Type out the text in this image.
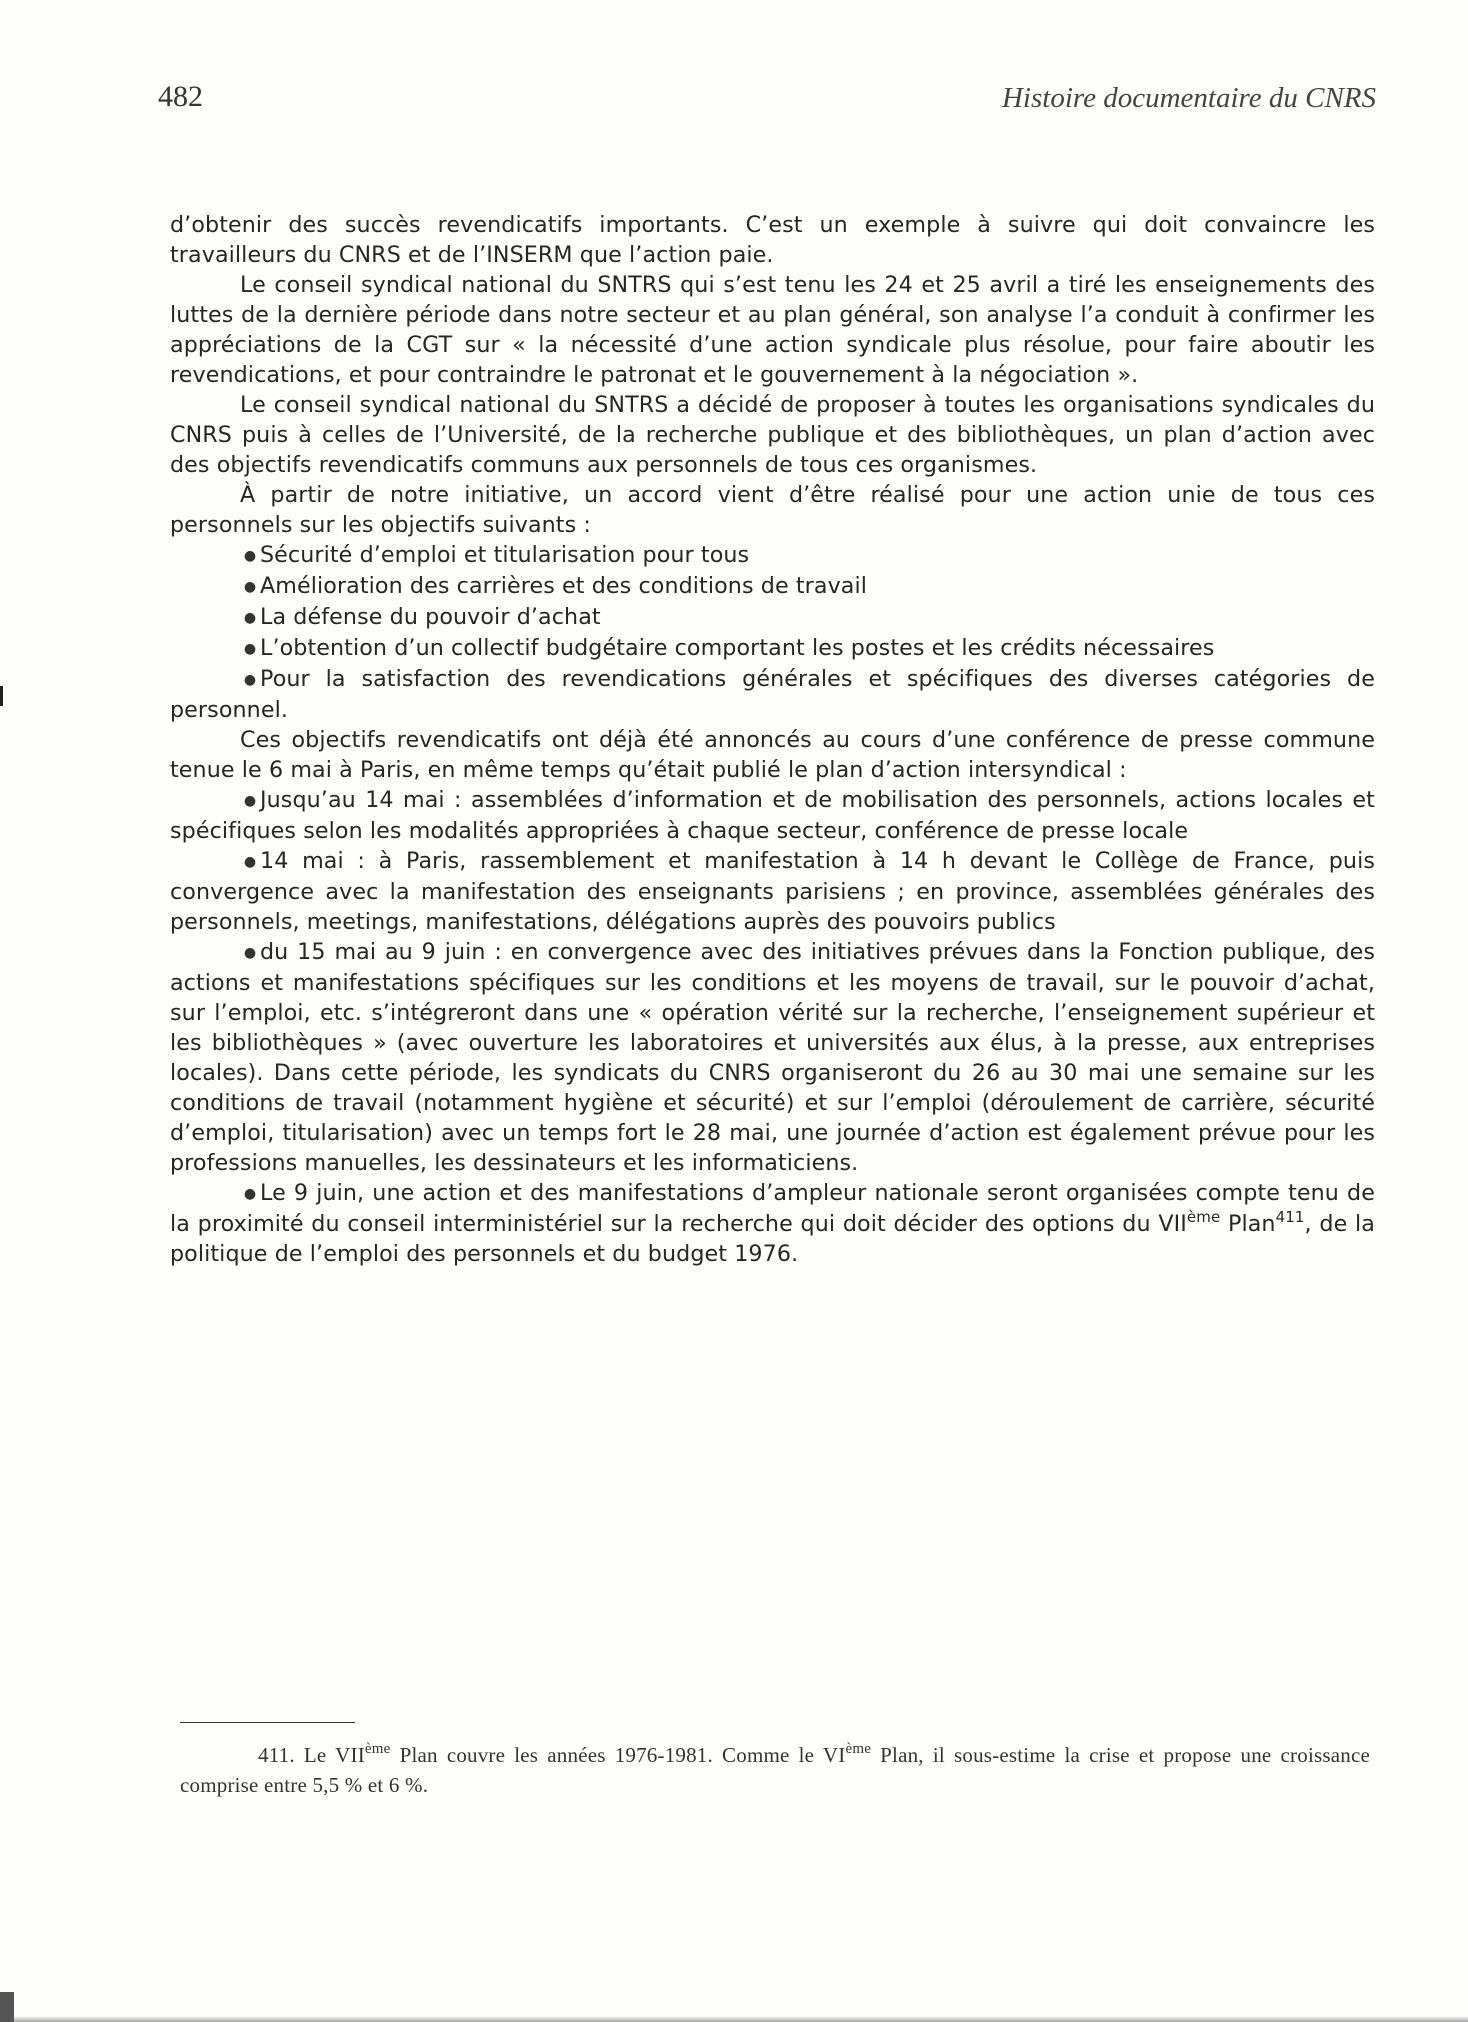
482	Histoire documentaire du CNRS

d’obtenir des succès revendicatifs importants. C’est un exemple à suivre qui doit convaincre les travailleurs du CNRS et de l’INSERM que l’action paie.

Le conseil syndical national du SNTRS qui s’est tenu les 24 et 25 avril a tiré les enseignements des luttes de la dernière période dans notre secteur et au plan général, son analyse l’a conduit à confirmer les appréciations de la CGT sur « la nécessité d’une action syndicale plus résolue, pour faire aboutir les revendications, et pour contraindre le patronat et le gouvernement à la négociation ».

Le conseil syndical national du SNTRS a décidé de proposer à toutes les organisations syndicales du CNRS puis à celles de l’Université, de la recherche publique et des bibliothèques, un plan d’action avec des objectifs revendicatifs communs aux personnels de tous ces organismes.

À partir de notre initiative, un accord vient d’être réalisé pour une action unie de tous ces personnels sur les objectifs suivants :

● Sécurité d’emploi et titularisation pour tous

● Amélioration des carrières et des conditions de travail

● La défense du pouvoir d’achat

● L’obtention d’un collectif budgétaire comportant les postes et les crédits nécessaires

● Pour la satisfaction des revendications générales et spécifiques des diverses catégories de personnel.

Ces objectifs revendicatifs ont déjà été annoncés au cours d’une conférence de presse commune tenue le 6 mai à Paris, en même temps qu’était publié le plan d’action intersyndical :

● Jusqu’au 14 mai : assemblées d’information et de mobilisation des personnels, actions locales et spécifiques selon les modalités appropriées à chaque secteur, conférence de presse locale

● 14 mai : à Paris, rassemblement et manifestation à 14 h devant le Collège de France, puis convergence avec la manifestation des enseignants parisiens ; en province, assemblées générales des personnels, meetings, manifestations, délégations auprès des pouvoirs publics

● du 15 mai au 9 juin : en convergence avec des initiatives prévues dans la Fonction publique, des actions et manifestations spécifiques sur les conditions et les moyens de travail, sur le pouvoir d’achat, sur l’emploi, etc. s’intégreront dans une « opération vérité sur la recherche, l’enseignement supérieur et les bibliothèques » (avec ouverture les laboratoires et universités aux élus, à la presse, aux entreprises locales). Dans cette période, les syndicats du CNRS organiseront du 26 au 30 mai une semaine sur les conditions de travail (notamment hygiène et sécurité) et sur l’emploi (déroulement de carrière, sécurité d’emploi, titularisation) avec un temps fort le 28 mai, une journée d’action est également prévue pour les professions manuelles, les dessinateurs et les informaticiens.

● Le 9 juin, une action et des manifestations d’ampleur nationale seront organisées compte tenu de la proximité du conseil interministériel sur la recherche qui doit décider des options du VIIème Plan$^{411}$, de la politique de l’emploi des personnels et du budget 1976.

411. Le VIIème Plan couvre les années 1976-1981. Comme le VIème Plan, il sous-estime la crise et propose une croissance comprise entre 5,5 % et 6 %.
